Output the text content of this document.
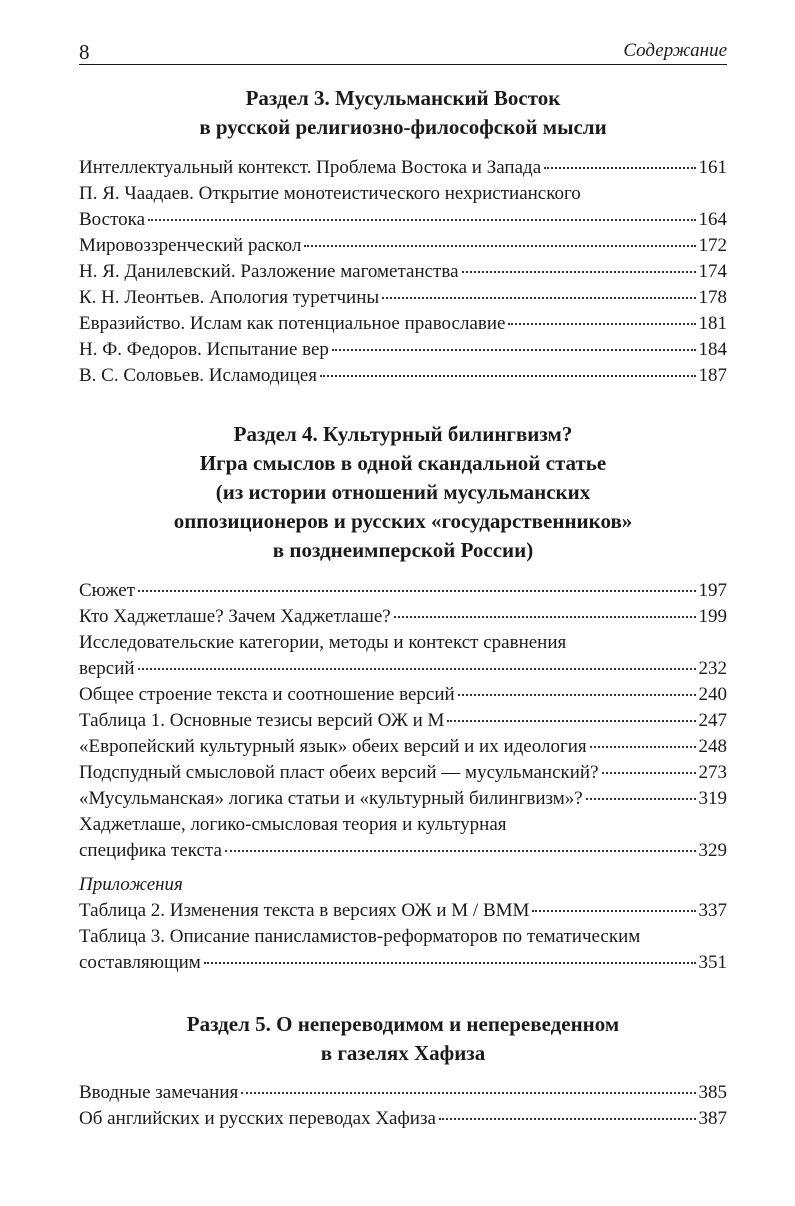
8	Содержание
Раздел 3. Мусульманский Восток
в русской религиозно-философской мысли
Интеллектуальный контекст. Проблема Востока и Запада	161
П. Я. Чаадаев. Открытие монотеистического нехристианского
Востока	164
Мировоззренческий раскол	172
Н. Я. Данилевский. Разложение магометанства	174
К. Н. Леонтьев. Апология туретчины	178
Евразийство. Ислам как потенциальное православие	181
Н. Ф. Федоров. Испытание вер	184
В. С. Соловьев. Исламодицея	187
Раздел 4. Культурный билингвизм?
Игра смыслов в одной скандальной статье
(из истории отношений мусульманских
оппозиционеров и русских «государственников»
в позднеимперской России)
Сюжет	197
Кто Хаджетлаше? Зачем Хаджетлаше?	199
Исследовательские категории, методы и контекст сравнения
версий	232
Общее строение текста и соотношение версий	240
Таблица 1. Основные тезисы версий ОЖ и М	247
«Европейский культурный язык» обеих версий и их идеология	248
Подспудный смысловой пласт обеих версий — мусульманский?	273
«Мусульманская» логика статьи и «культурный билингвизм»?	319
Хаджетлаше, логико-смысловая теория и культурная
специфика текста	329
Приложения
Таблица 2. Изменения текста в версиях ОЖ и М / ВММ	337
Таблица 3. Описание панисламистов-реформаторов по тематическим
составляющим	351
Раздел 5. О непереводимом и непереведенном
в газелях Хафиза
Вводные замечания	385
Об английских и русских переводах Хафиза	387
